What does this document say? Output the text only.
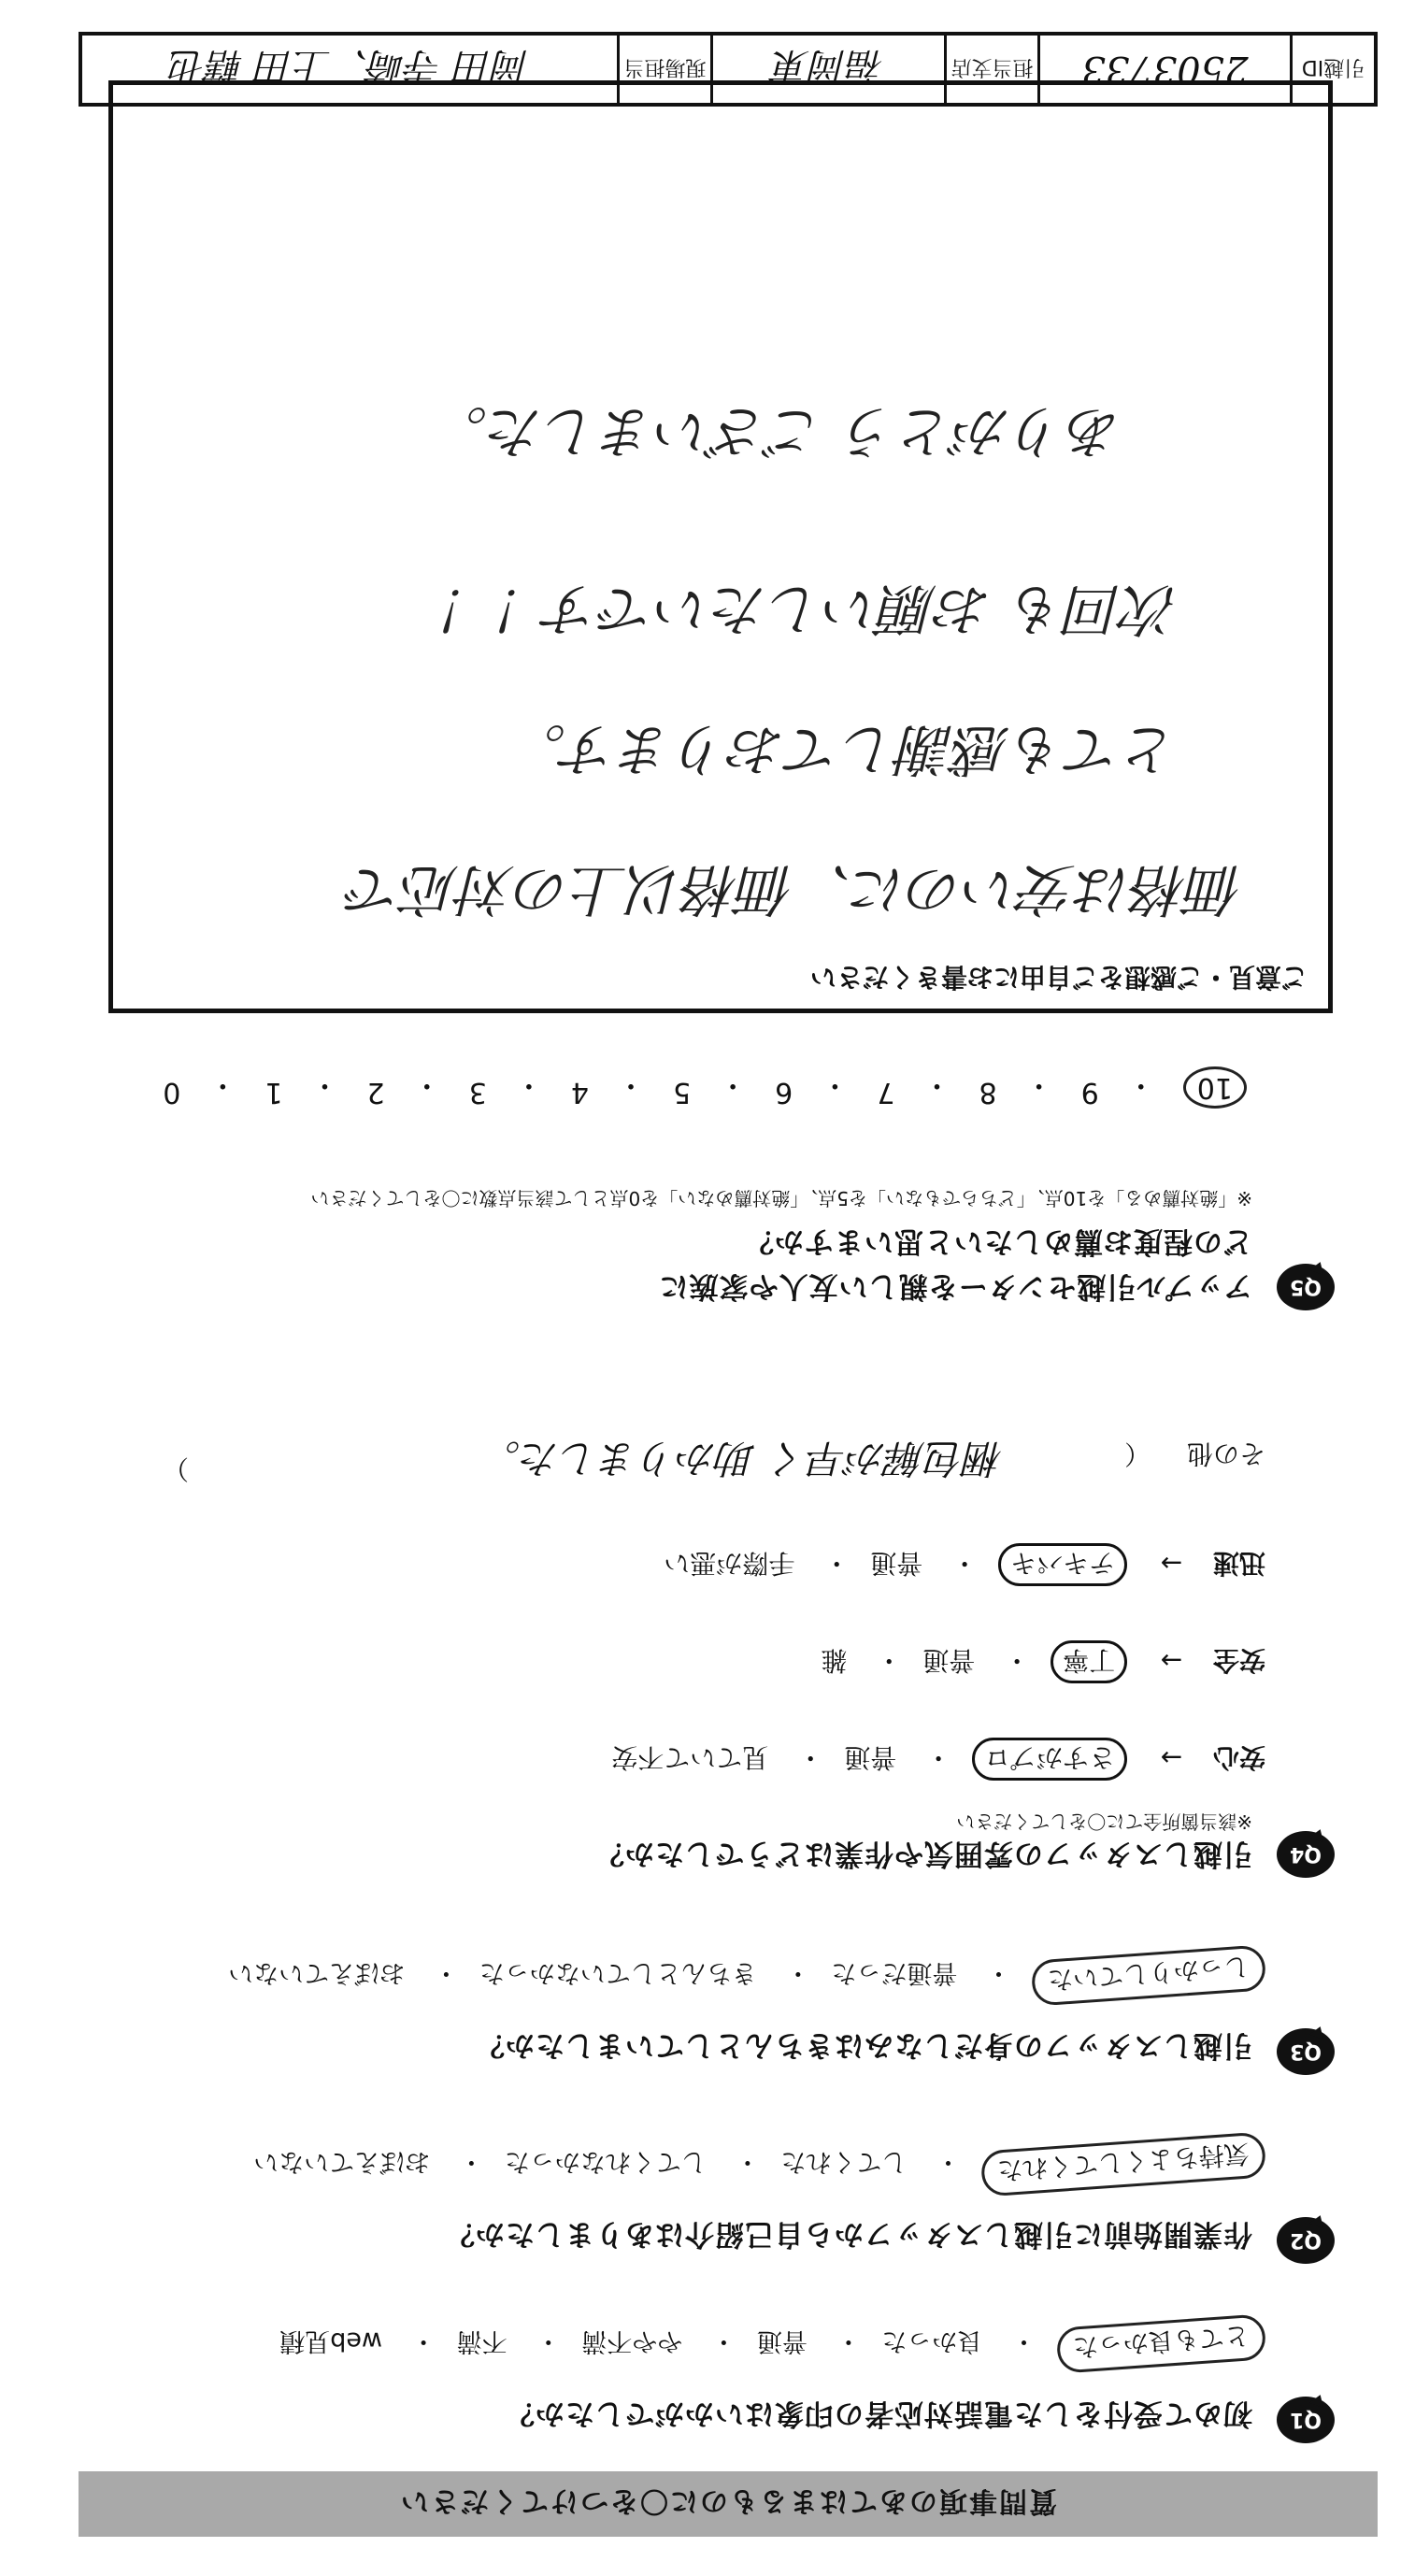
質問事項のあてはまるものに〇をつけてください
Q1
初めて受付をした電話対応者の印象はいかがでしたか？
とても良かった・ 良かった・ 普通・ やや不満・ 不満・ web見積
Q2
作業開始前に引越しスタッフから自己紹介はありましたか？
気持ちよくしてくれた・ してくれた・ してくれなかった・ おぼえていない
Q3
引越しスタッフの身だしなみはきちんとしていましたか？
しっかりしていた・ 普通だった・ きちんとしていなかった・ おぼえていない
Q4
引越しスタッフの雰囲気や作業はどうでしたか？
※該当箇所全てに〇をしてください
安心 → さすがプロ・ 普通・ 見ていて不安
安全 → 丁寧・ 普通・ 雑
迅速 → テキパキ・ 普通・ 手際が悪い
その他 （ 梱包解が早く 助かりました。
）
Q5
アップル引越センターを親しい友人や家族に
どの程度お薦めしたいと思いますか？
※「絶対薦める」を10点、「どちらでもない」を5点、「絶対薦めない」を0点として該当点数に〇をしてください
10
・
9
・
8
・
7
・
6
・
5
・
4
・
3
・
2
・
1
・
0
ご意見・ご感想をご自由にお書きください
価格は安いのに、価格以上の対応で
とても感謝しております。
次回も お願いしたいです ！！
ありがとう ございました。
引越ID
2503733
担当支店
福岡東
現場担当
岡田 寺崎、上田 轄也
